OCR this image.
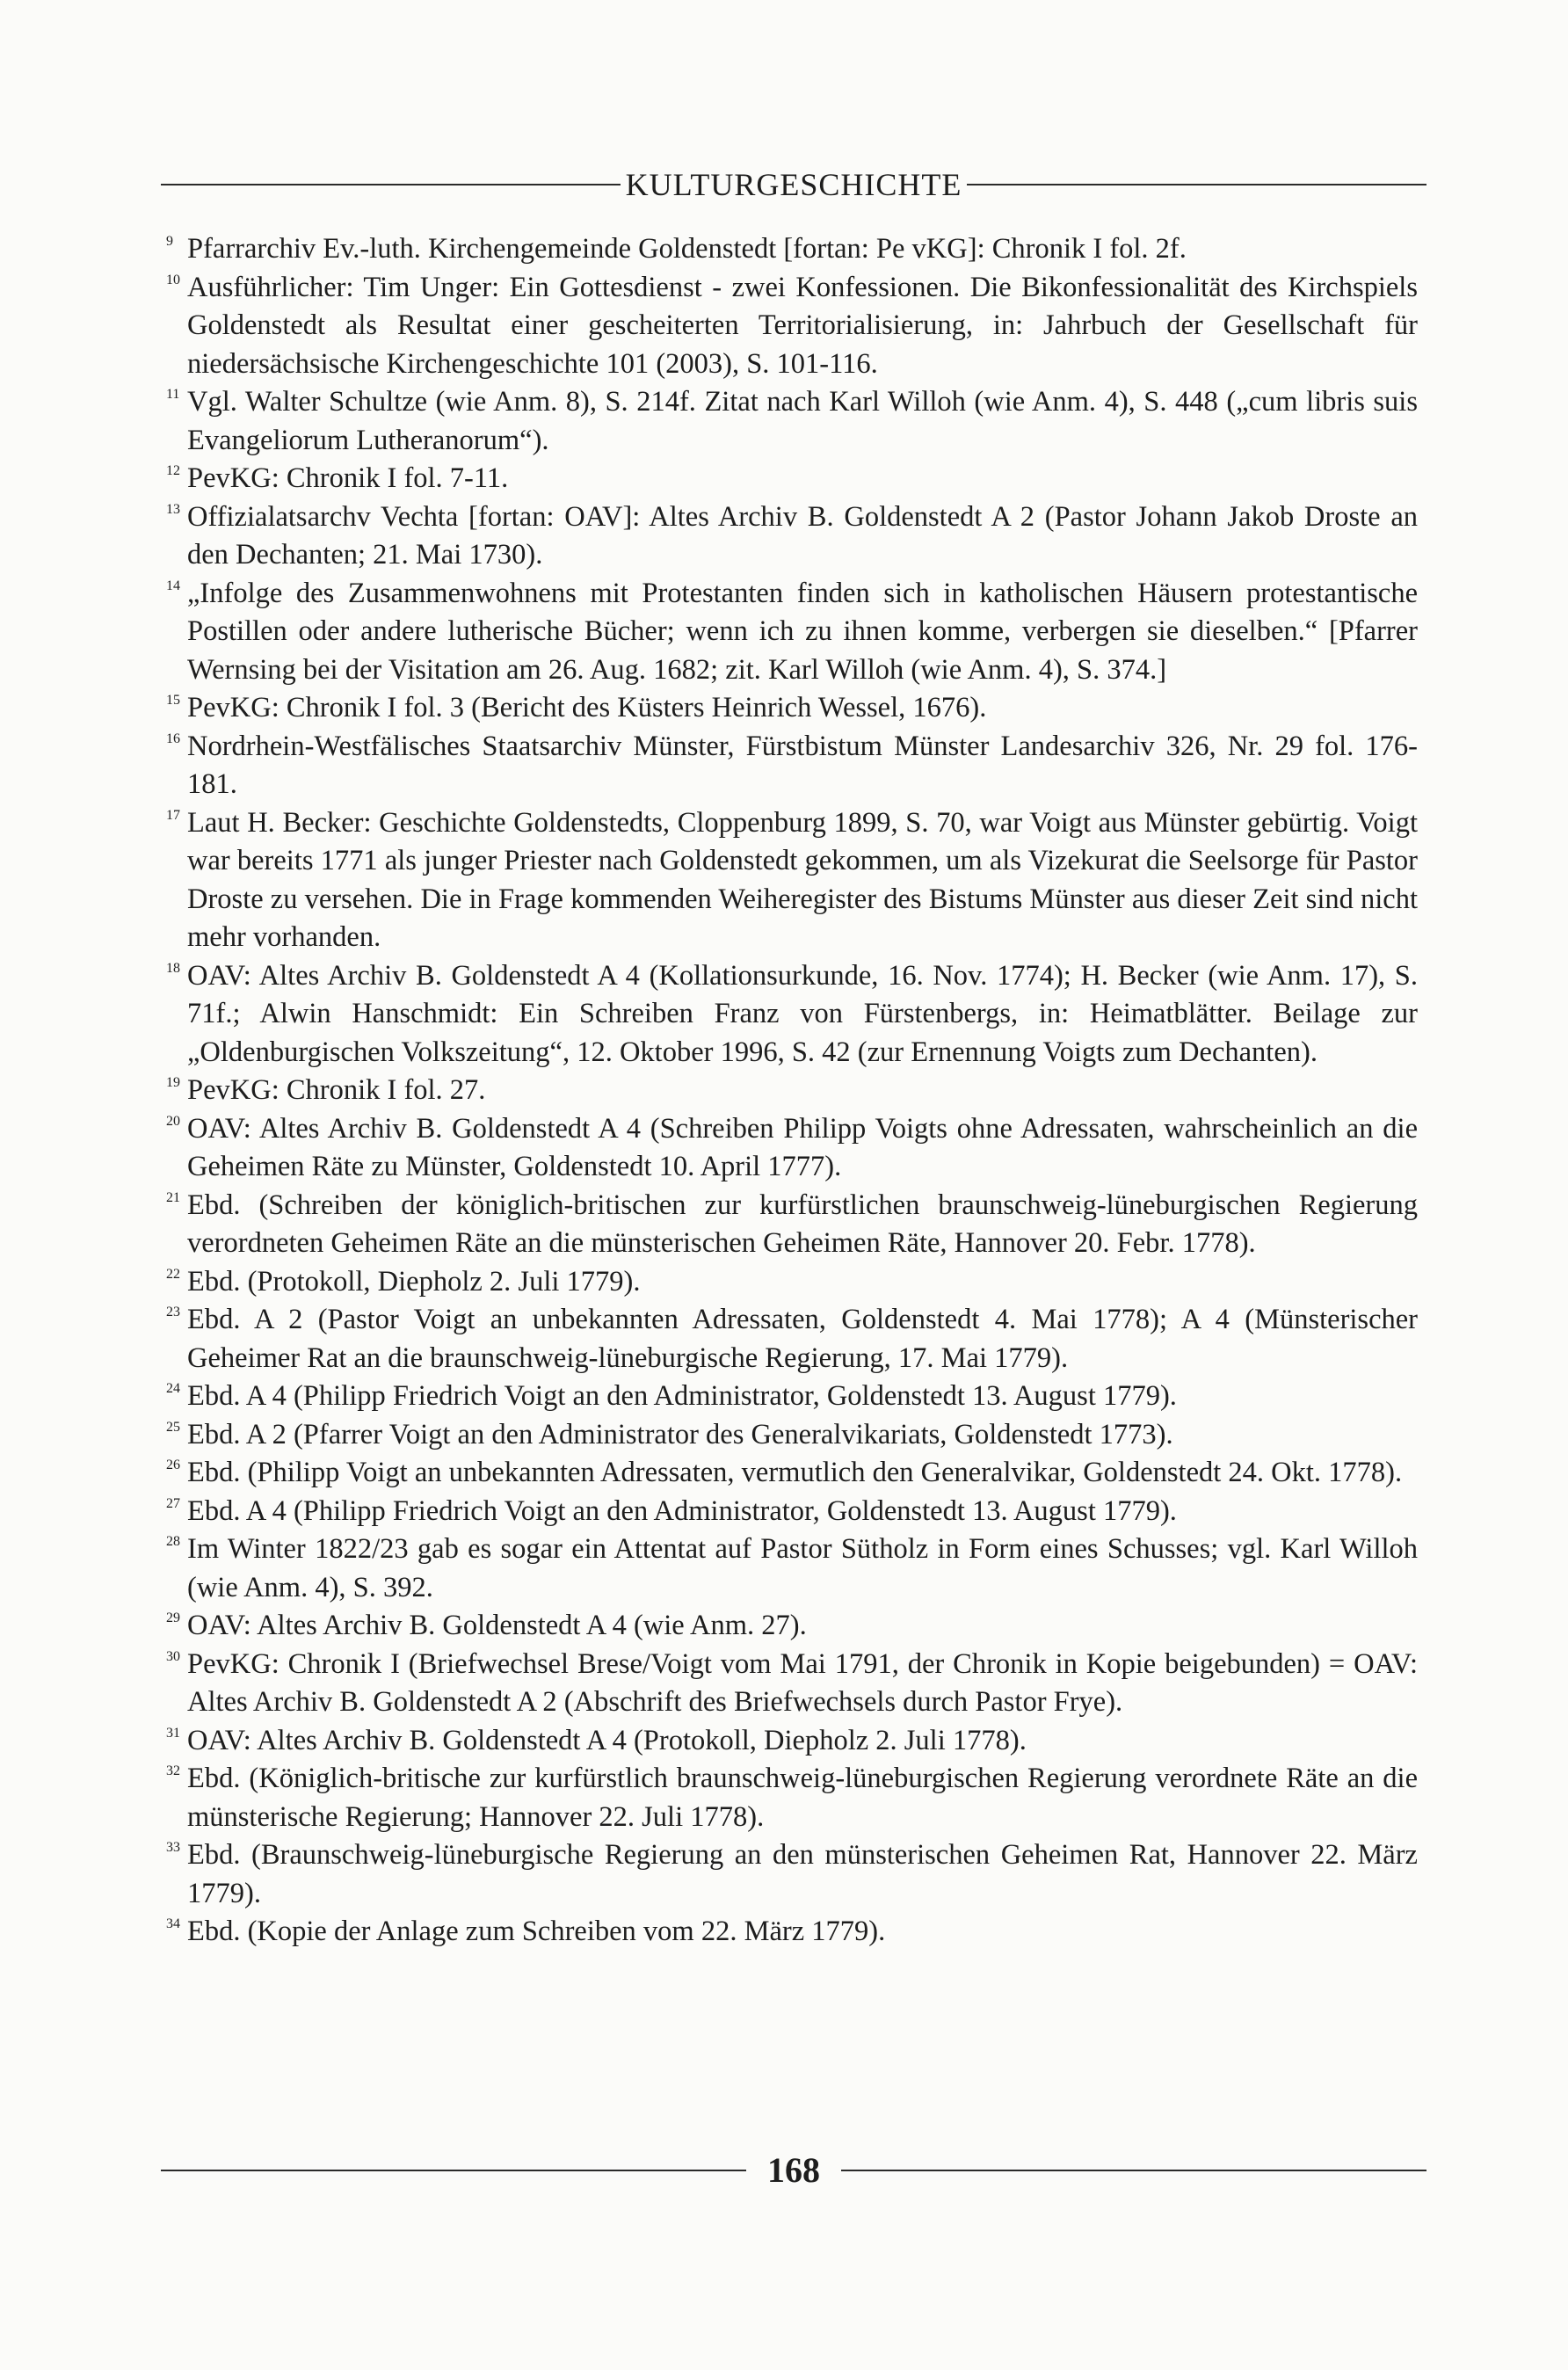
KULTURGESCHICHTE
9 Pfarrarchiv Ev.-luth. Kirchengemeinde Goldenstedt [fortan: Pe vKG]: Chronik I fol. 2f.
10 Ausführlicher: Tim Unger: Ein Gottesdienst - zwei Konfessionen. Die Bikonfessionalität des Kirchspiels Goldenstedt als Resultat einer gescheiterten Territorialisierung, in: Jahrbuch der Gesellschaft für niedersächsische Kirchengeschichte 101 (2003), S. 101-116.
11 Vgl. Walter Schultze (wie Anm. 8), S. 214f. Zitat nach Karl Willoh (wie Anm. 4), S. 448 („cum libris suis Evangeliorum Lutheranorum“).
12 PevKG: Chronik I fol. 7-11.
13 Offizialatsarchv Vechta [fortan: OAV]: Altes Archiv B. Goldenstedt A 2 (Pastor Johann Jakob Droste an den Dechanten; 21. Mai 1730).
14 „Infolge des Zusammenwohnens mit Protestanten finden sich in katholischen Häusern protestantische Postillen oder andere lutherische Bücher; wenn ich zu ihnen komme, verbergen sie dieselben.“ [Pfarrer Wernsing bei der Visitation am 26. Aug. 1682; zit. Karl Willoh (wie Anm. 4), S. 374.]
15 PevKG: Chronik I fol. 3 (Bericht des Küsters Heinrich Wessel, 1676).
16 Nordrhein-Westfälisches Staatsarchiv Münster, Fürstbistum Münster Landesarchiv 326, Nr. 29 fol. 176-181.
17 Laut H. Becker: Geschichte Goldenstedts, Cloppenburg 1899, S. 70, war Voigt aus Münster gebürtig. Voigt war bereits 1771 als junger Priester nach Goldenstedt gekommen, um als Vizekurat die Seelsorge für Pastor Droste zu versehen. Die in Frage kommenden Weiheregister des Bistums Münster aus dieser Zeit sind nicht mehr vorhanden.
18 OAV: Altes Archiv B. Goldenstedt A 4 (Kollationsurkunde, 16. Nov. 1774); H. Becker (wie Anm. 17), S. 71f.; Alwin Hanschmidt: Ein Schreiben Franz von Fürstenbergs, in: Heimatblätter. Beilage zur „Oldenburgischen Volkszeitung“, 12. Oktober 1996, S. 42 (zur Ernennung Voigts zum Dechanten).
19 PevKG: Chronik I fol. 27.
20 OAV: Altes Archiv B. Goldenstedt A 4 (Schreiben Philipp Voigts ohne Adressaten, wahrscheinlich an die Geheimen Räte zu Münster, Goldenstedt 10. April 1777).
21 Ebd. (Schreiben der königlich-britischen zur kurfürstlichen braunschweig-lüneburgischen Regierung verordneten Geheimen Räte an die münsterischen Geheimen Räte, Hannover 20. Febr. 1778).
22 Ebd. (Protokoll, Diepholz 2. Juli 1779).
23 Ebd. A 2 (Pastor Voigt an unbekannten Adressaten, Goldenstedt 4. Mai 1778); A 4 (Münsterischer Geheimer Rat an die braunschweig-lüneburgische Regierung, 17. Mai 1779).
24 Ebd. A 4 (Philipp Friedrich Voigt an den Administrator, Goldenstedt 13. August 1779).
25 Ebd. A 2 (Pfarrer Voigt an den Administrator des Generalvikariats, Goldenstedt 1773).
26 Ebd. (Philipp Voigt an unbekannten Adressaten, vermutlich den Generalvikar, Goldenstedt 24. Okt. 1778).
27 Ebd. A 4 (Philipp Friedrich Voigt an den Administrator, Goldenstedt 13. August 1779).
28 Im Winter 1822/23 gab es sogar ein Attentat auf Pastor Sütholz in Form eines Schusses; vgl. Karl Willoh (wie Anm. 4), S. 392.
29 OAV: Altes Archiv B. Goldenstedt A 4 (wie Anm. 27).
30 PevKG: Chronik I (Briefwechsel Brese/Voigt vom Mai 1791, der Chronik in Kopie beigebunden) = OAV: Altes Archiv B. Goldenstedt A 2 (Abschrift des Briefwechsels durch Pastor Frye).
31 OAV: Altes Archiv B. Goldenstedt A 4 (Protokoll, Diepholz 2. Juli 1778).
32 Ebd. (Königlich-britische zur kurfürstlich braunschweig-lüneburgischen Regierung verordnete Räte an die münsterische Regierung; Hannover 22. Juli 1778).
33 Ebd. (Braunschweig-lüneburgische Regierung an den münsterischen Geheimen Rat, Hannover 22. März 1779).
34 Ebd. (Kopie der Anlage zum Schreiben vom 22. März 1779).
168
